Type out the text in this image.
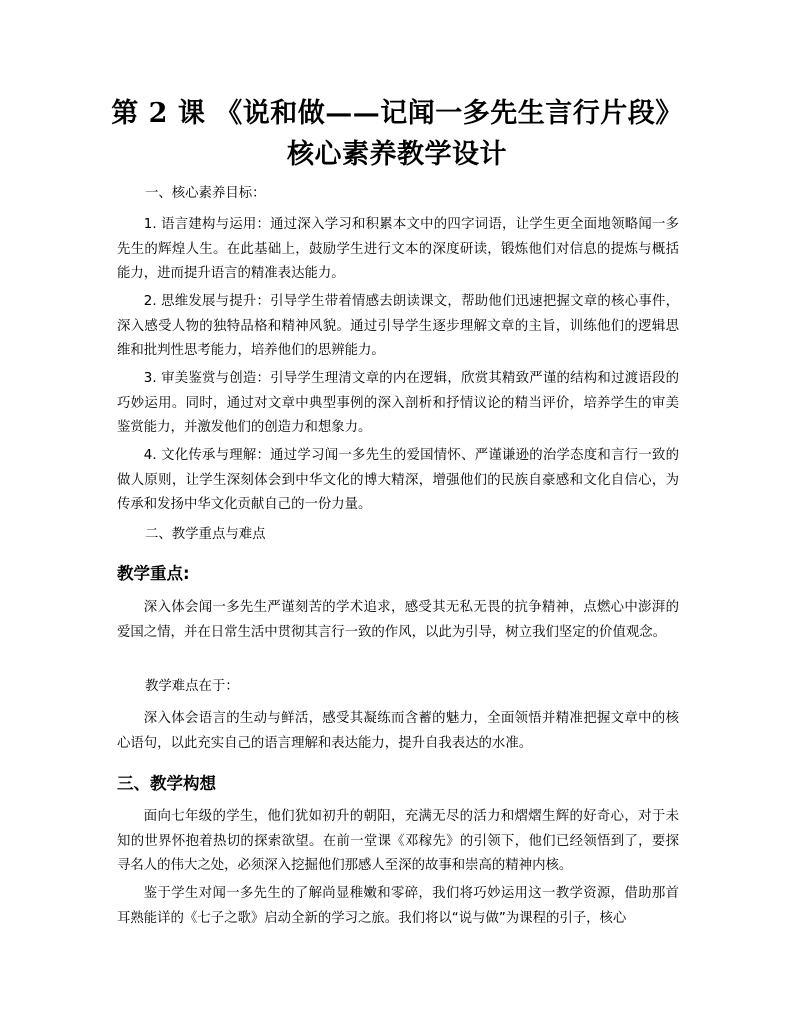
第 2 课 《说和做——记闻一多先生言行片段》
核心素养教学设计

一、核心素养目标：

1. 语言建构与运用：通过深入学习和积累本文中的四字词语，让学生更全面地领略闻一多先生的辉煌人生。在此基础上，鼓励学生进行文本的深度研读，锻炼他们对信息的提炼与概括能力，进而提升语言的精准表达能力。

2. 思维发展与提升：引导学生带着情感去朗读课文，帮助他们迅速把握文章的核心事件，深入感受人物的独特品格和精神风貌。通过引导学生逐步理解文章的主旨，训练他们的逻辑思维和批判性思考能力，培养他们的思辨能力。

3. 审美鉴赏与创造：引导学生理清文章的内在逻辑，欣赏其精致严谨的结构和过渡语段的巧妙运用。同时，通过对文章中典型事例的深入剖析和抒情议论的精当评价，培养学生的审美鉴赏能力，并激发他们的创造力和想象力。

4. 文化传承与理解：通过学习闻一多先生的爱国情怀、严谨谦逊的治学态度和言行一致的做人原则，让学生深刻体会到中华文化的博大精深，增强他们的民族自豪感和文化自信心，为传承和发扬中华文化贡献自己的一份力量。

二、教学重点与难点

教学重点:

深入体会闻一多先生严谨刻苦的学术追求，感受其无私无畏的抗争精神，点燃心中澎湃的爱国之情，并在日常生活中贯彻其言行一致的作风，以此为引导，树立我们坚定的价值观念。

教学难点在于：

深入体会语言的生动与鲜活，感受其凝练而含蓄的魅力，全面领悟并精准把握文章中的核心语句，以此充实自己的语言理解和表达能力，提升自我表达的水准。

三、教学构想

面向七年级的学生，他们犹如初升的朝阳，充满无尽的活力和熠熠生辉的好奇心，对于未知的世界怀抱着热切的探索欲望。在前一堂课《邓稼先》的引领下，他们已经领悟到了，要探寻名人的伟大之处，必须深入挖掘他们那感人至深的故事和崇高的精神内核。

鉴于学生对闻一多先生的了解尚显稚嫩和零碎，我们将巧妙运用这一教学资源，借助那首耳熟能详的《七子之歌》启动全新的学习之旅。我们将以“说与做”为课程的引子，核心
